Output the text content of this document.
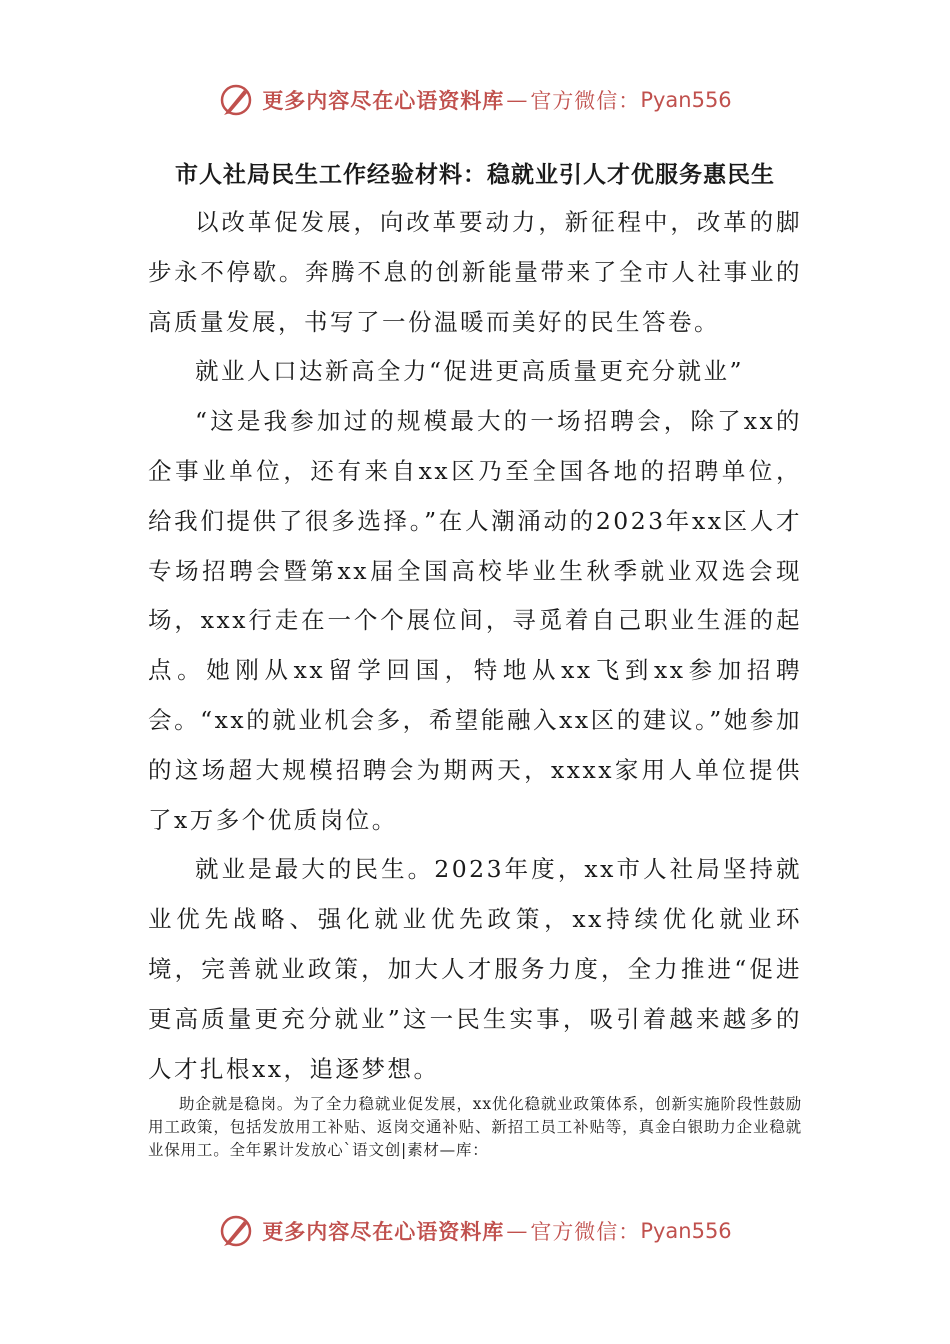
更多内容尽在心语资料库 — 官方微信： Pyan556
市人社局民生工作经验材料：稳就业引人才优服务惠民生

以改革促发展，向改革要动力，新征程中，改革的脚步永不停歇。奔腾不息的创新能量带来了全市人社事业的高质量发展，书写了一份温暖而美好的民生答卷。

就业人口达新高全力“促进更高质量更充分就业”

“这是我参加过的规模最大的一场招聘会，除了xx的企事业单位，还有来自xx区乃至全国各地的招聘单位，给我们提供了很多选择。”在人潮涌动的2023年xx区人才专场招聘会暨第xx届全国高校毕业生秋季就业双选会现场，xxx行走在一个个展位间，寻觅着自己职业生涯的起点。她刚从xx留学回国，特地从xx飞到xx参加招聘会。“xx的就业机会多，希望能融入xx区的建议。”她参加的这场超大规模招聘会为期两天，xxxx家用人单位提供了x万多个优质岗位。

就业是最大的民生。2023年度，xx市人社局坚持就业优先战略、强化就业优先政策，xx持续优化就业环境，完善就业政策，加大人才服务力度，全力推进“促进更高质量更充分就业”这一民生实事，吸引着越来越多的人才扎根xx，追逐梦想。

助企就是稳岗。为了全力稳就业促发展，xx优化稳就业政策体系，创新实施阶段性鼓励用工政策，包括发放用工补贴、返岗交通补贴、新招工员工补贴等，真金白银助力企业稳就业保用工。全年累计发放心`语文创|素材—库：

更多内容尽在心语资料库 — 官方微信： Pyan556
